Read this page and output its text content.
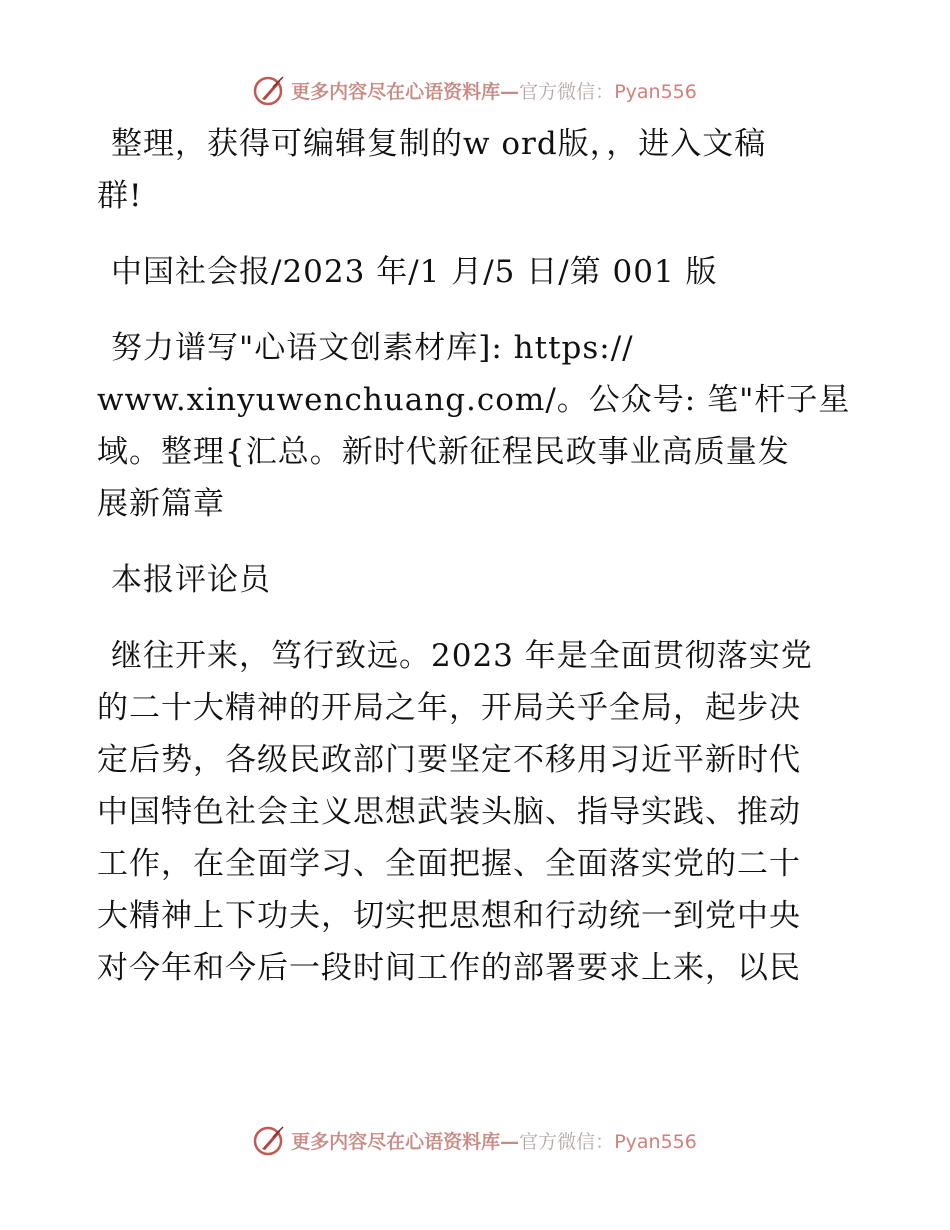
更多内容尽在心语资料库—官方微信：Pyan556
整理，获得可编辑复制的w ord版，，进入文稿
群!
中国社会报/2023 年/1 月/5 日/第 001 版
努力谱写"心语文创素材库]: https://
www.xinyuwenchuang.com/。公众号: 笔"杆子星
域。整理{汇总。新时代新征程民政事业高质量发
展新篇章
本报评论员
继往开来，笃行致远。2023 年是全面贯彻落实党
的二十大精神的开局之年，开局关乎全局，起步决
定后势，各级民政部门要坚定不移用习近平新时代
中国特色社会主义思想武装头脑、指导实践、推动
工作，在全面学习、全面把握、全面落实党的二十
大精神上下功夫，切实把思想和行动统一到党中央
对今年和今后一段时间工作的部署要求上来，以民
更多内容尽在心语资料库—官方微信：Pyan556
